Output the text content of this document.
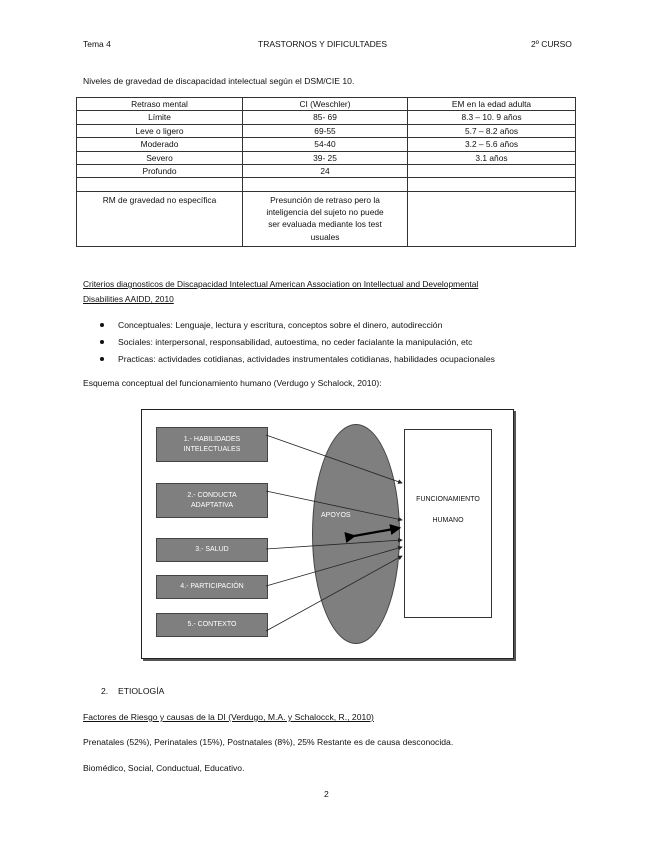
Tema 4	TRASTORNOS Y DIFICULTADES	2º CURSO
Niveles de gravedad de discapacidad intelectual según el DSM/CIE 10.
Retraso mental	CI (Weschler)	EM en la edad adulta
Límite	85- 69	8.3 – 10. 9 años
Leve o ligero	69-55	5.7 – 8.2 años
Moderado	54-40	3.2 – 5.6 años
Severo	39- 25	3.1 años
Profundo	24	

RM de gravedad no específica	Presunción de retraso pero la
inteligencia del sujeto no puede
ser evaluada mediante los test
usuales	

Criterios diagnosticos de Discapacidad Intelectual American Association on Intellectual and Developmental
Disabilities AAIDD, 2010
Conceptuales: Lenguaje, lectura y escritura, conceptos sobre el dinero, autodirección
Sociales: interpersonal, responsabilidad, autoestima, no ceder facialante la manipulación, etc
Practicas: actividades cotidianas, actividades instrumentales cotidianas, habilidades ocupacionales
Esquema conceptual del funcionamiento humano (Verdugo y Schalock, 2010):
APOYOS
1.- HABILIDADES
INTELECTUALES
2.- CONDUCTA
ADAPTATIVA
3.- SALUD
4.- PARTICIPACIÓN
5.- CONTEXTO
FUNCIONAMIENTO
HUMANO
2. ETIOLOGÍA
Factores de Riesgo y causas de la DI (Verdugo, M.A. y Schalocck, R., 2010)
Prenatales (52%), Perinatales (15%), Postnatales (8%), 25% Restante es de causa desconocida.
Biomédico, Social, Conductual, Educativo.
2
